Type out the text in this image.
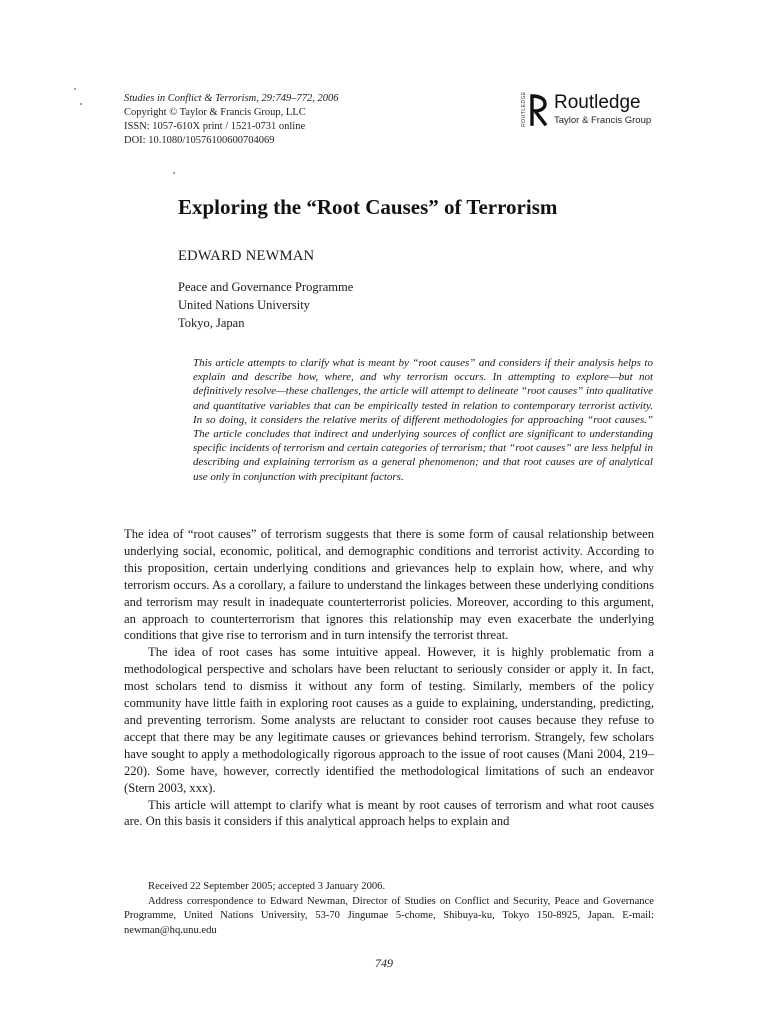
Studies in Conflict & Terrorism, 29:749–772, 2006
Copyright © Taylor & Francis Group, LLC
ISSN: 1057-610X print / 1521-0731 online
DOI: 10.1080/10576100600704069
ROUTLEDGE Routledge
Taylor & Francis Group
Exploring the “Root Causes” of Terrorism
EDWARD NEWMAN
Peace and Governance Programme
United Nations University
Tokyo, Japan

This article attempts to clarify what is meant by “root causes” and considers if their analysis helps to explain and describe how, where, and why terrorism occurs. In attempting to explore—but not definitively resolve—these challenges, the article will attempt to delineate “root causes” into qualitative and quantitative variables that can be empirically tested in relation to contemporary terrorist activity. In so doing, it considers the relative merits of different methodologies for approaching “root causes.” The article concludes that indirect and underlying sources of conflict are significant to understanding specific incidents of terrorism and certain categories of terrorism; that “root causes” are less helpful in describing and explaining terrorism as a general phenomenon; and that root causes are of analytical use only in conjunction with precipitant factors.

The idea of “root causes” of terrorism suggests that there is some form of causal relationship between underlying social, economic, political, and demographic conditions and terrorist activity. According to this proposition, certain underlying conditions and grievances help to explain how, where, and why terrorism occurs. As a corollary, a failure to understand the linkages between these underlying conditions and terrorism may result in inadequate counterterrorist policies. Moreover, according to this argument, an approach to counterterrorism that ignores this relationship may even exacerbate the underlying conditions that give rise to terrorism and in turn intensify the terrorist threat.

The idea of root cases has some intuitive appeal. However, it is highly problematic from a methodological perspective and scholars have been reluctant to seriously consider or apply it. In fact, most scholars tend to dismiss it without any form of testing. Similarly, members of the policy community have little faith in exploring root causes as a guide to explaining, understanding, predicting, and preventing terrorism. Some analysts are reluctant to consider root causes because they refuse to accept that there may be any legitimate causes or grievances behind terrorism. Strangely, few scholars have sought to apply a methodologically rigorous approach to the issue of root causes (Mani 2004, 219–220). Some have, however, correctly identified the methodological limitations of such an endeavor (Stern 2003, xxx).

This article will attempt to clarify what is meant by root causes of terrorism and what root causes are. On this basis it considers if this analytical approach helps to explain and

Received 22 September 2005; accepted 3 January 2006.

Address correspondence to Edward Newman, Director of Studies on Conflict and Security, Peace and Governance Programme, United Nations University, 53-70 Jingumae 5-chome, Shibuya-ku, Tokyo 150-8925, Japan. E-mail: newman@hq.unu.edu

749
